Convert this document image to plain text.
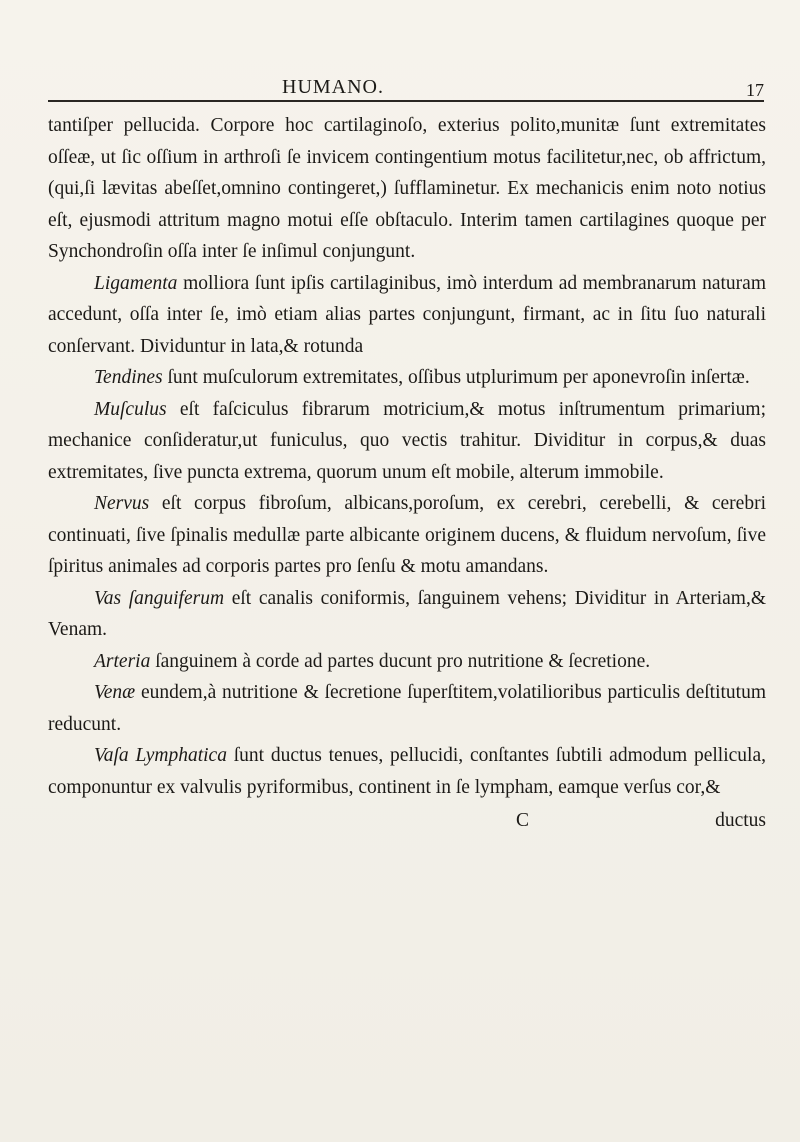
HUMANO.	17

tantiſper pellucida. Corpore hoc cartilaginoſo, exterius polito,munitæ ſunt extremitates oſſeæ, ut ſic oſſium in arthroſi ſe invicem contingentium motus facilitetur,nec, ob affrictum, (qui,ſi lævitas abeſſet,omnino contingeret,) ſufflaminetur. Ex mechanicis enim noto notius eſt, ejusmodi attritum magno motui eſſe obſtaculo. Interim tamen cartilagines quoque per Synchondroſin oſſa inter ſe inſimul conjungunt.

Ligamenta molliora ſunt ipſis cartilaginibus, imò interdum ad membranarum naturam accedunt, oſſa inter ſe, imò etiam alias partes conjungunt, firmant, ac in ſitu ſuo naturali conſervant. Dividuntur in lata,& rotunda

Tendines ſunt muſculorum extremitates, oſſibus utplurimum per aponevroſin inſertæ.

Muſculus eſt faſciculus fibrarum motricium,& motus inſtrumentum primarium; mechanice conſideratur,ut funiculus, quo vectis trahitur. Dividitur in corpus,& duas extremitates, ſive puncta extrema, quorum unum eſt mobile, alterum immobile.

Nervus eſt corpus fibroſum, albicans,poroſum, ex cerebri, cerebelli, & cerebri continuati, ſive ſpinalis medullæ parte albicante originem ducens, & fluidum nervoſum, ſive ſpiritus animales ad corporis partes pro ſenſu & motu amandans.

Vas ſanguiferum eſt canalis coniformis, ſanguinem vehens; Dividitur in Arteriam,& Venam.

Arteria ſanguinem à corde ad partes ducunt pro nutritione & ſecretione.

Venæ eundem,à nutritione & ſecretione ſuperſtitem,volatilioribus particulis deſtitutum reducunt.

Vaſa Lymphatica ſunt ductus tenues, pellucidi, conſtantes ſubtili admodum pellicula, componuntur ex valvulis pyriformibus, continent in ſe lympham, eamque verſus cor,&

C	ductus
